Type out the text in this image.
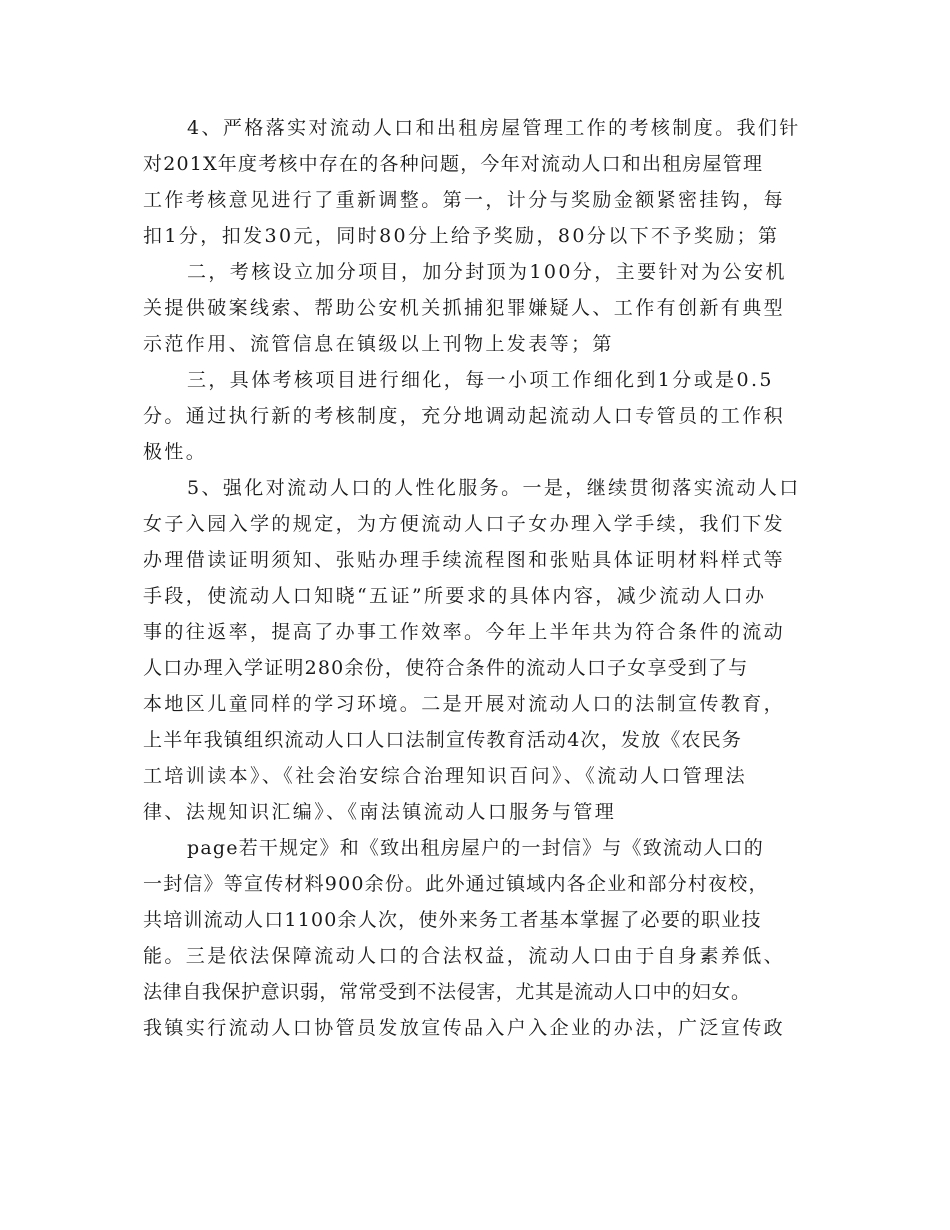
4、严格落实对流动人口和出租房屋管理工作的考核制度。我们针
对201X年度考核中存在的各种问题，今年对流动人口和出租房屋管理
工作考核意见进行了重新调整。第一，计分与奖励金额紧密挂钩，每
扣1分，扣发30元，同时80分上给予奖励，80分以下不予奖励；第
二，考核设立加分项目，加分封顶为100分，主要针对为公安机
关提供破案线索、帮助公安机关抓捕犯罪嫌疑人、工作有创新有典型
示范作用、流管信息在镇级以上刊物上发表等；第
三，具体考核项目进行细化，每一小项工作细化到1分或是0.5
分。通过执行新的考核制度，充分地调动起流动人口专管员的工作积
极性。
5、强化对流动人口的人性化服务。一是，继续贯彻落实流动人口
女子入园入学的规定，为方便流动人口子女办理入学手续，我们下发
办理借读证明须知、张贴办理手续流程图和张贴具体证明材料样式等
手段，使流动人口知晓“五证”所要求的具体内容，减少流动人口办
事的往返率，提高了办事工作效率。今年上半年共为符合条件的流动
人口办理入学证明280余份，使符合条件的流动人口子女享受到了与
本地区儿童同样的学习环境。二是开展对流动人口的法制宣传教育，
上半年我镇组织流动人口人口法制宣传教育活动4次，发放《农民务
工培训读本》、《社会治安综合治理知识百问》、《流动人口管理法
律、法规知识汇编》、《南法镇流动人口服务与管理
page若干规定》和《致出租房屋户的一封信》与《致流动人口的
一封信》等宣传材料900余份。此外通过镇域内各企业和部分村夜校，
共培训流动人口1100余人次，使外来务工者基本掌握了必要的职业技
能。三是依法保障流动人口的合法权益，流动人口由于自身素养低、
法律自我保护意识弱，常常受到不法侵害，尤其是流动人口中的妇女。
我镇实行流动人口协管员发放宣传品入户入企业的办法，广泛宣传政
